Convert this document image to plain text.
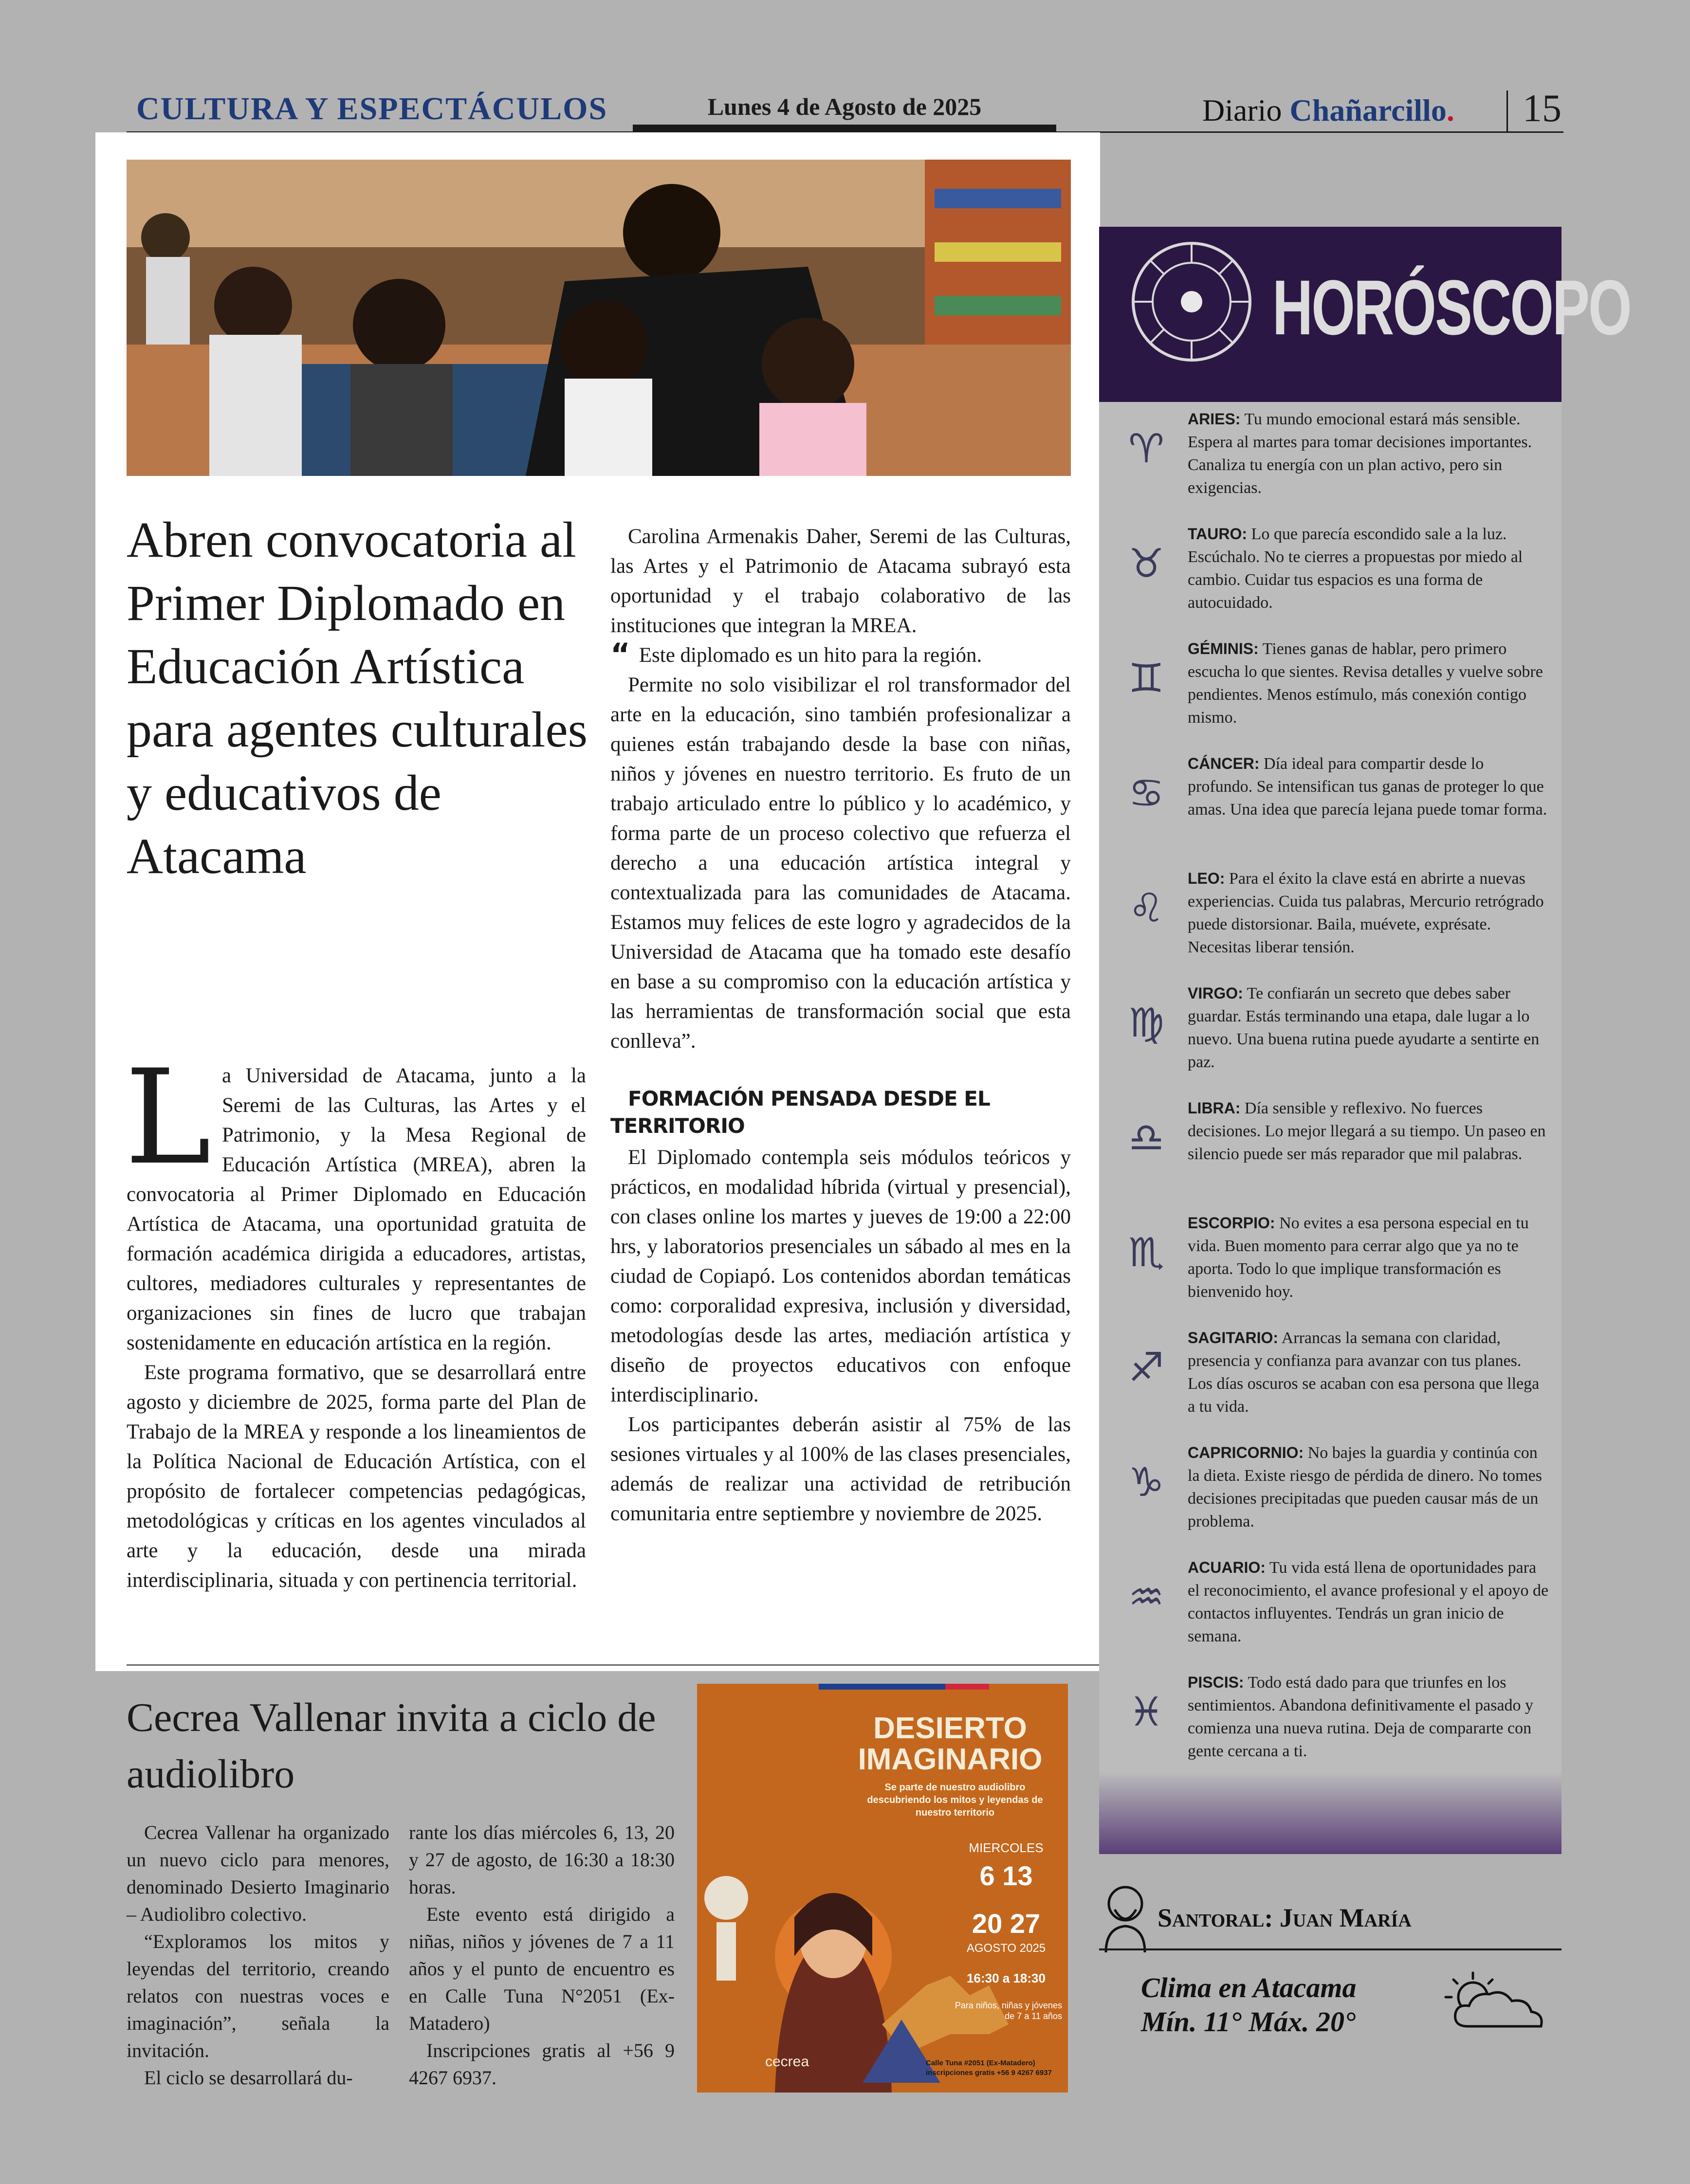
CULTURA Y ESPECTÁCULOS	Lunes 4 de Agosto de 2025	Diario Chañarcillo. 15
Abren convocatoria al Primer Diplomado en Educación Artística para agentes culturales y educativos de Atacama
L a Universidad de Atacama, junto a la Seremi de las Culturas, las Artes y el Patrimonio, y la Mesa Regional de Educación Artística (MREA), abren la convocatoria al Primer Diplomado en Educación Artística de Atacama, una oportunidad gratuita de formación académica dirigida a educadores, artistas, cultores, mediadores culturales y representantes de organizaciones sin fines de lucro que trabajan sostenidamente en educación artística en la región.

Este programa formativo, que se desarrollará entre agosto y diciembre de 2025, forma parte del Plan de Trabajo de la MREA y responde a los lineamientos de la Política Nacional de Educación Artística, con el propósito de fortalecer competencias pedagógicas, metodológicas y críticas en los agentes vinculados al arte y la educación, desde una mirada interdisciplinaria, situada y con pertinencia territorial.

Carolina Armenakis Daher, Seremi de las Culturas, las Artes y el Patrimonio de Atacama subrayó esta oportunidad y el trabajo colaborativo de las instituciones que integran la MREA.

“ Este diplomado es un hito para la región.

Permite no solo visibilizar el rol transformador del arte en la educación, sino también profesionalizar a quienes están trabajando desde la base con niñas, niños y jóvenes en nuestro territorio. Es fruto de un trabajo articulado entre lo público y lo académico, y forma parte de un proceso colectivo que refuerza el derecho a una educación artística integral y contextualizada para las comunidades de Atacama. Estamos muy felices de este logro y agradecidos de la Universidad de Atacama que ha tomado este desafío en base a su compromiso con la educación artística y las herramientas de transformación social que esta conlleva”.

FORMACIÓN PENSADA DESDE EL TERRITORIO

El Diplomado contempla seis módulos teóricos y prácticos, en modalidad híbrida (virtual y presencial), con clases online los martes y jueves de 19:00 a 22:00 hrs, y laboratorios presenciales un sábado al mes en la ciudad de Copiapó. Los contenidos abordan temáticas como: corporalidad expresiva, inclusión y diversidad, metodologías desde las artes, mediación artística y diseño de proyectos educativos con enfoque interdisciplinario.

Los participantes deberán asistir al 75% de las sesiones virtuales y al 100% de las clases presenciales, además de realizar una actividad de retribución comunitaria entre septiembre y noviembre de 2025.

Cecrea Vallenar invita a ciclo de audiolibro

Cecrea Vallenar ha organizado un nuevo ciclo para menores, denominado Desierto Imaginario – Audiolibro colectivo.

“Exploramos los mitos y leyendas del territorio, creando relatos con nuestras voces e imaginación”, señala la invitación.

El ciclo se desarrollará du-

rante los días miércoles 6, 13, 20 y 27 de agosto, de 16:30 a 18:30 horas.

Este evento está dirigido a niñas, niños y jóvenes de 7 a 11 años y el punto de encuentro es en Calle Tuna N°2051 (Ex-Matadero)

Inscripciones gratis al +56 9 4267 6937.

DESIERTO
IMAGINARIO
Se parte de nuestro audiolibro descubriendo los mitos y leyendas de nuestro territorio
MIERCOLES
6 13
20 27
AGOSTO 2025
16:30 a 18:30
Para niños, niñas y jóvenes de 7 a 11 años
cecrea	Calle Tuna #2051 (Ex-Matadero)
inscripciones gratis +56 9 4267 6937
HORÓSCOPO
♈
ARIES: Tu mundo emocional estará más sensible. Espera al martes para tomar decisiones importantes. Canaliza tu energía con un plan activo, pero sin exigencias.
♉
TAURO: Lo que parecía escondido sale a la luz. Escúchalo. No te cierres a propuestas por miedo al cambio. Cuidar tus espacios es una forma de autocuidado.
♊
GÉMINIS: Tienes ganas de hablar, pero primero escucha lo que sientes. Revisa detalles y vuelve sobre pendientes. Menos estímulo, más conexión contigo mismo.
♋
CÁNCER: Día ideal para compartir desde lo profundo. Se intensifican tus ganas de proteger lo que amas. Una idea que parecía lejana puede tomar forma.
♌
LEO: Para el éxito la clave está en abrirte a nuevas experiencias. Cuida tus palabras, Mercurio retrógrado puede distorsionar. Baila, muévete, exprésate. Necesitas liberar tensión.
♍
VIRGO: Te confiarán un secreto que debes saber guardar. Estás terminando una etapa, dale lugar a lo nuevo. Una buena rutina puede ayudarte a sentirte en paz.
♎
LIBRA: Día sensible y reflexivo. No fuerces decisiones. Lo mejor llegará a su tiempo. Un paseo en silencio puede ser más reparador que mil palabras.
♏
ESCORPIO: No evites a esa persona especial en tu vida. Buen momento para cerrar algo que ya no te aporta. Todo lo que implique transformación es bienvenido hoy.
♐
SAGITARIO: Arrancas la semana con claridad, presencia y confianza para avanzar con tus planes. Los días oscuros se acaban con esa persona que llega a tu vida.
♑
CAPRICORNIO: No bajes la guardia y continúa con la dieta. Existe riesgo de pérdida de dinero. No tomes decisiones precipitadas que pueden causar más de un problema.
♒
ACUARIO: Tu vida está llena de oportunidades para el reconocimiento, el avance profesional y el apoyo de contactos influyentes. Tendrás un gran inicio de semana.
♓
PISCIS: Todo está dado para que triunfes en los sentimientos. Abandona definitivamente el pasado y comienza una nueva rutina. Deja de compararte con gente cercana a ti.
Santoral: Juan María
Clima en Atacama
Mín. 11° Máx. 20°
